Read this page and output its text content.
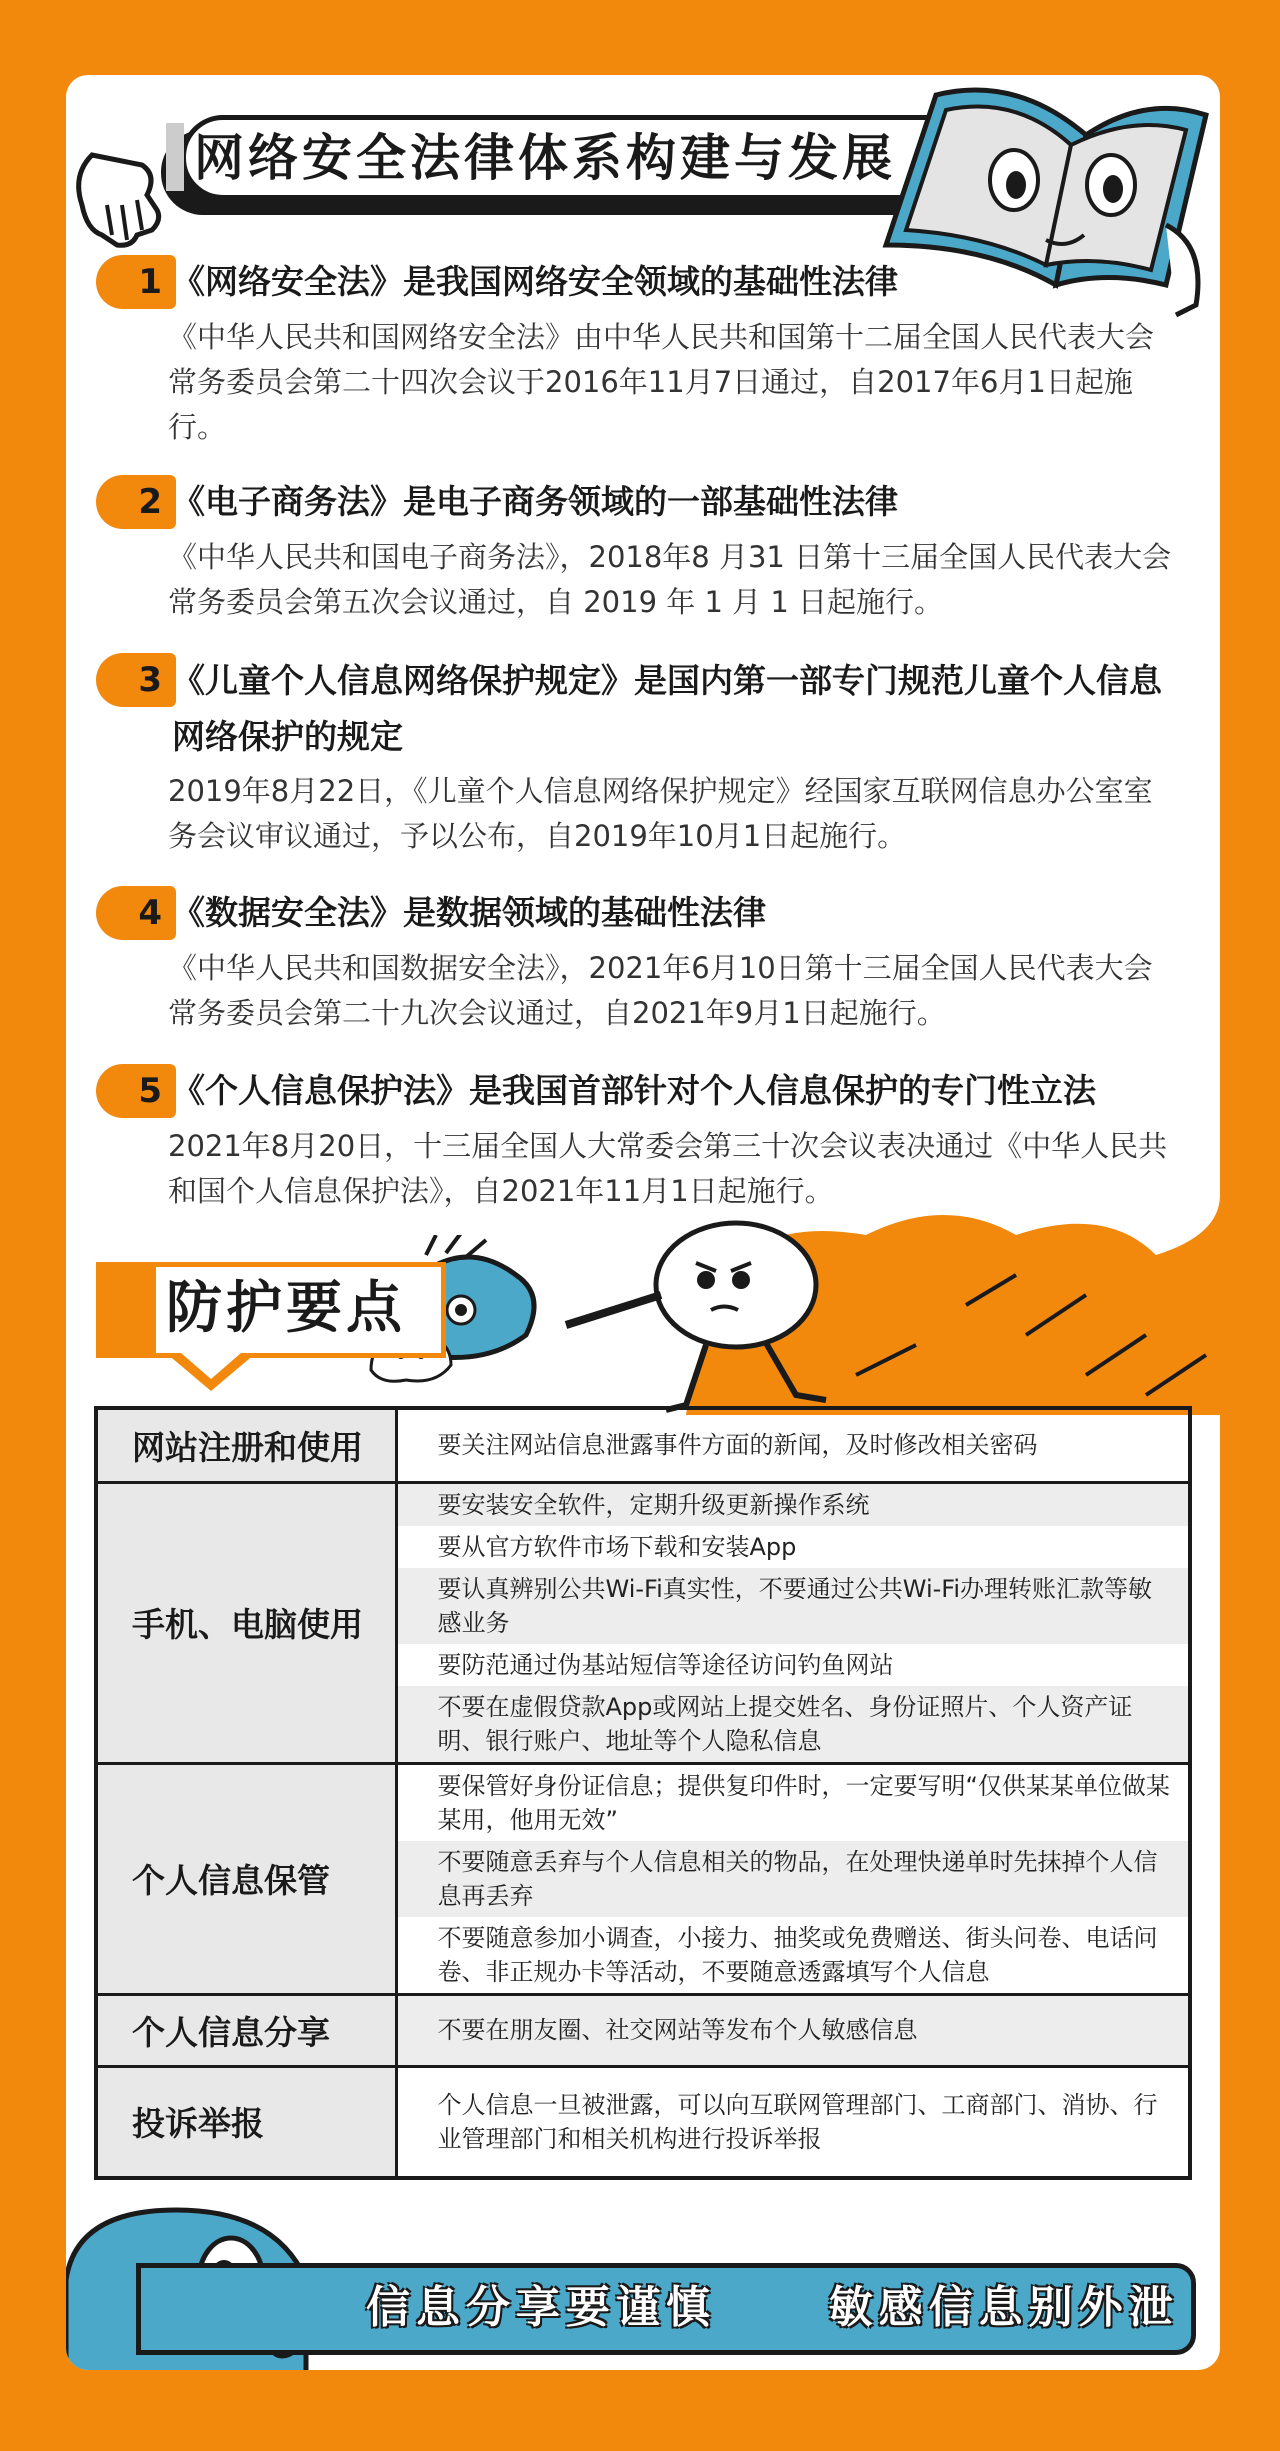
网络安全法律体系构建与发展
1 《网络安全法》是我国网络安全领域的基础性法律
《中华人民共和国网络安全法》由中华人民共和国第十二届全国人民代表大会常务委员会第二十四次会议于2016年11月7日通过，自2017年6月1日起施行。
2 《电子商务法》是电子商务领域的一部基础性法律
《中华人民共和国电子商务法》，2018年8 月31 日第十三届全国人民代表大会常务委员会第五次会议通过，自 2019 年 1 月 1 日起施行。
3 《儿童个人信息网络保护规定》是国内第一部专门规范儿童个人信息网络保护的规定
2019年8月22日，《儿童个人信息网络保护规定》经国家互联网信息办公室室务会议审议通过，予以公布，自2019年10月1日起施行。
4 《数据安全法》是数据领域的基础性法律
《中华人民共和国数据安全法》，2021年6月10日第十三届全国人民代表大会常务委员会第二十九次会议通过，自2021年9月1日起施行。
5 《个人信息保护法》是我国首部针对个人信息保护的专门性立法
2021年8月20日，十三届全国人大常委会第三十次会议表决通过《中华人民共和国个人信息保护法》，自2021年11月1日起施行。
防护要点
网站注册和使用	要关注网站信息泄露事件方面的新闻，及时修改相关密码

手机、电脑使用	要安装安全软件，定期升级更新操作系统
要从官方软件市场下载和安装App
要认真辨别公共Wi-Fi真实性，不要通过公共Wi-Fi办理转账汇款等敏感业务
要防范通过伪基站短信等途径访问钓鱼网站
不要在虚假贷款App或网站上提交姓名、身份证照片、个人资产证明、银行账户、地址等个人隐私信息

个人信息保管	要保管好身份证信息；提供复印件时，一定要写明“仅供某某单位做某某用，他用无效”
不要随意丢弃与个人信息相关的物品，在处理快递单时先抹掉个人信息再丢弃
不要随意参加小调查，小接力、抽奖或免费赠送、街头问卷、电话问卷、非正规办卡等活动，不要随意透露填写个人信息

个人信息分享	不要在朋友圈、社交网站等发布个人敏感信息

投诉举报	个人信息一旦被泄露，可以向互联网管理部门、工商部门、消协、行业管理部门和相关机构进行投诉举报
信息分享要谨慎	敏感信息别外泄
